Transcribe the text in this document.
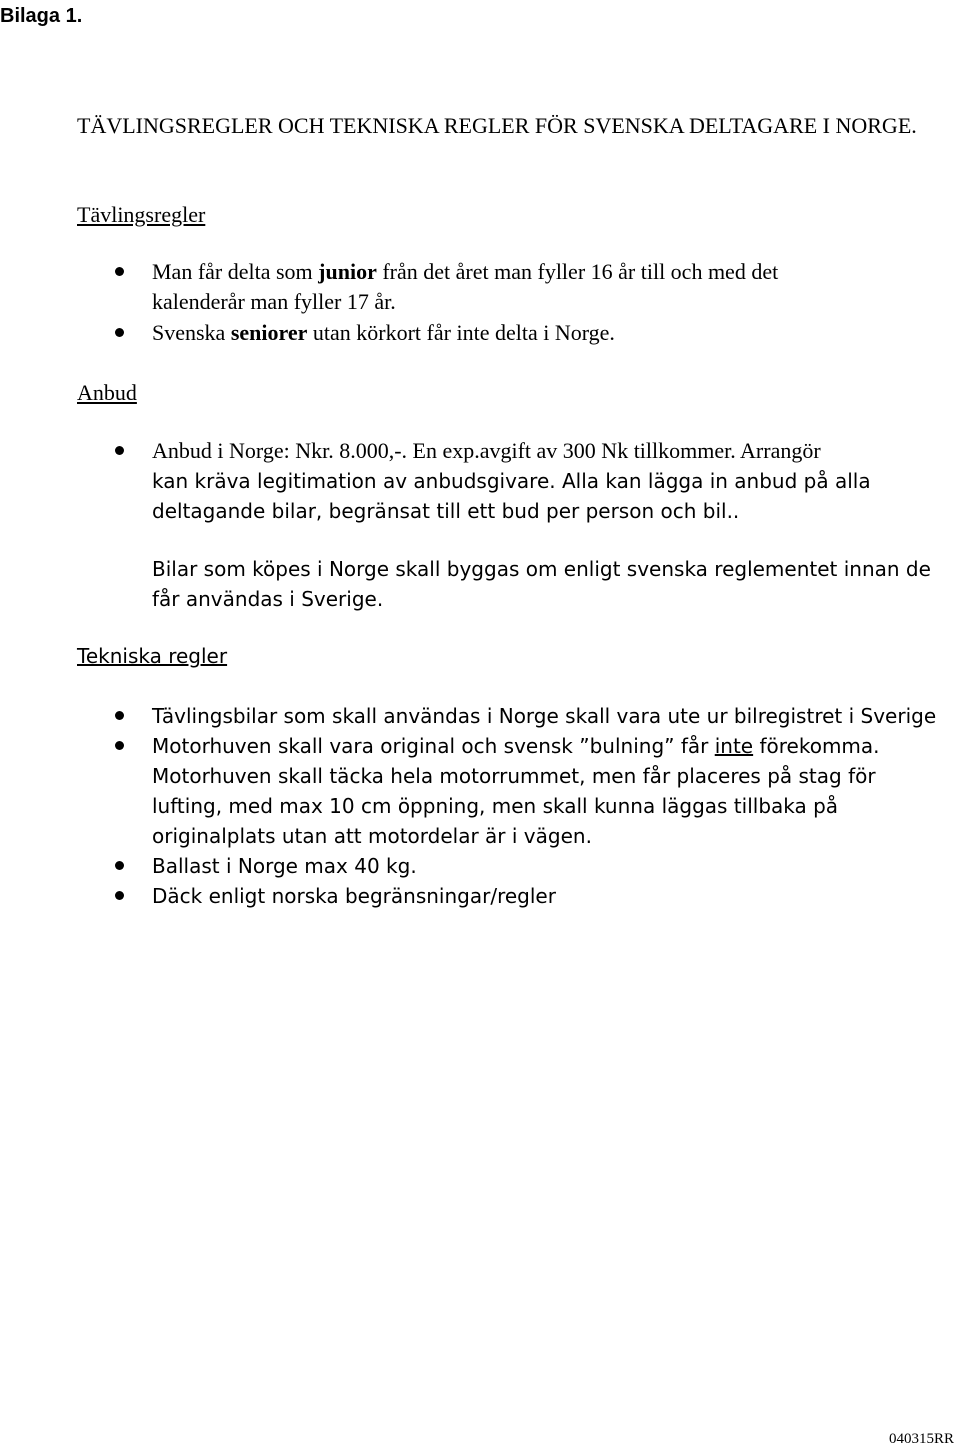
Bilaga 1.
TÄVLINGSREGLER OCH TEKNISKA REGLER FÖR SVENSKA DELTAGARE I NORGE.
Tävlingsregler
Man får delta som junior från det året man fyller 16 år till och med det
kalenderår man fyller 17 år.
Svenska seniorer utan körkort får inte delta i Norge.
Anbud
Anbud i Norge: Nkr. 8.000,-. En exp.avgift av 300 Nk tillkommer. Arrangör
kan kräva legitimation av anbudsgivare. Alla kan lägga in anbud på alla
deltagande bilar, begränsat till ett bud per person och bil..
Bilar som köpes i Norge skall byggas om enligt svenska reglementet innan de
får användas i Sverige.
Tekniska regler
Tävlingsbilar som skall användas i Norge skall vara ute ur bilregistret i Sverige
Motorhuven skall vara original och svensk ”bulning” får inte förekomma.
Motorhuven skall täcka hela motorrummet, men får placeres på stag för
lufting, med max 10 cm öppning, men skall kunna läggas tillbaka på
originalplats utan att motordelar är i vägen.
Ballast i Norge max 40 kg.
Däck enligt norska begränsningar/regler
040315RR
